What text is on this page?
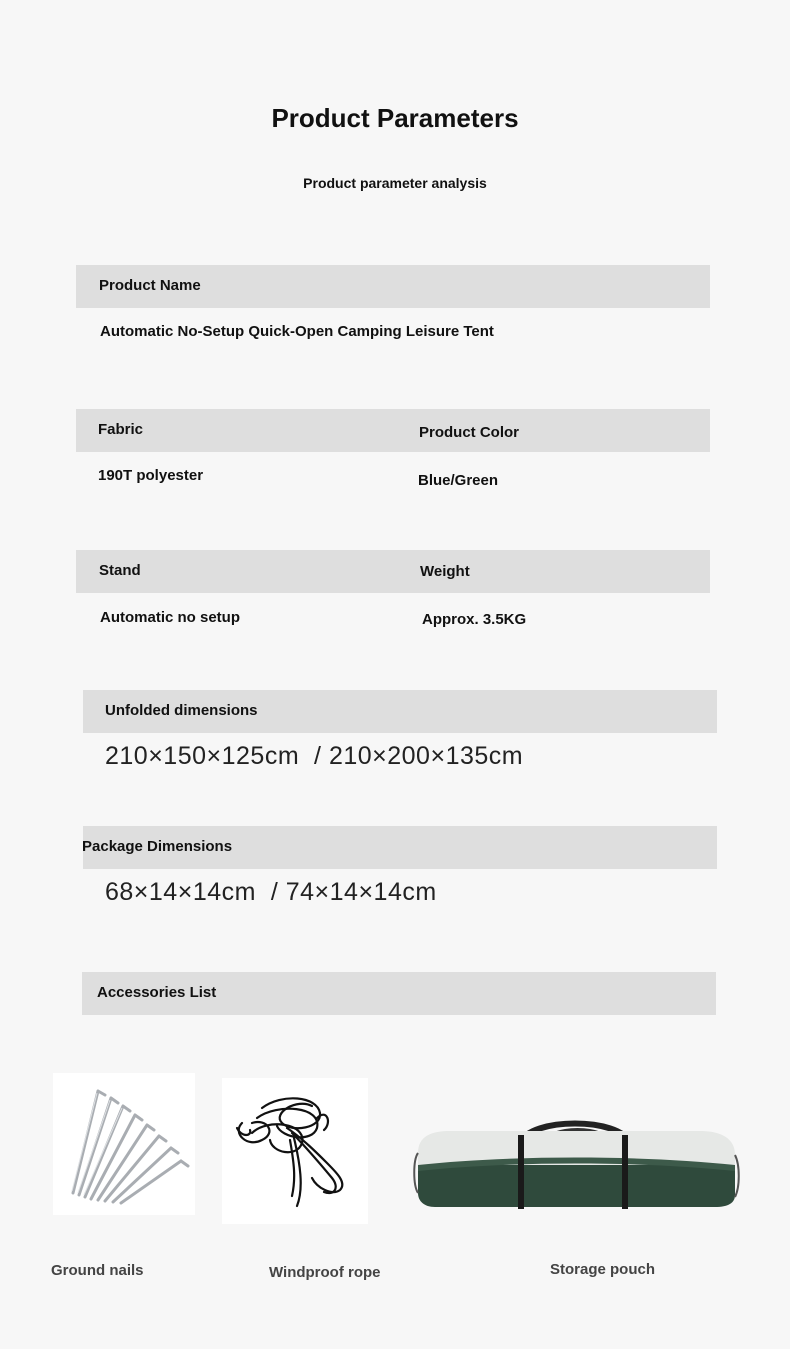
Product Parameters
Product parameter analysis
Product Name
Automatic No-Setup Quick-Open Camping Leisure Tent
Fabric	Product Color
190T polyester	Blue/Green
Stand	Weight
Automatic no setup	Approx. 3.5KG
Unfolded dimensions
210×150×125cm  / 210×200×135cm
Package Dimensions
68×14×14cm  / 74×14×14cm
Accessories List
Ground nails	Windproof rope	Storage pouch
